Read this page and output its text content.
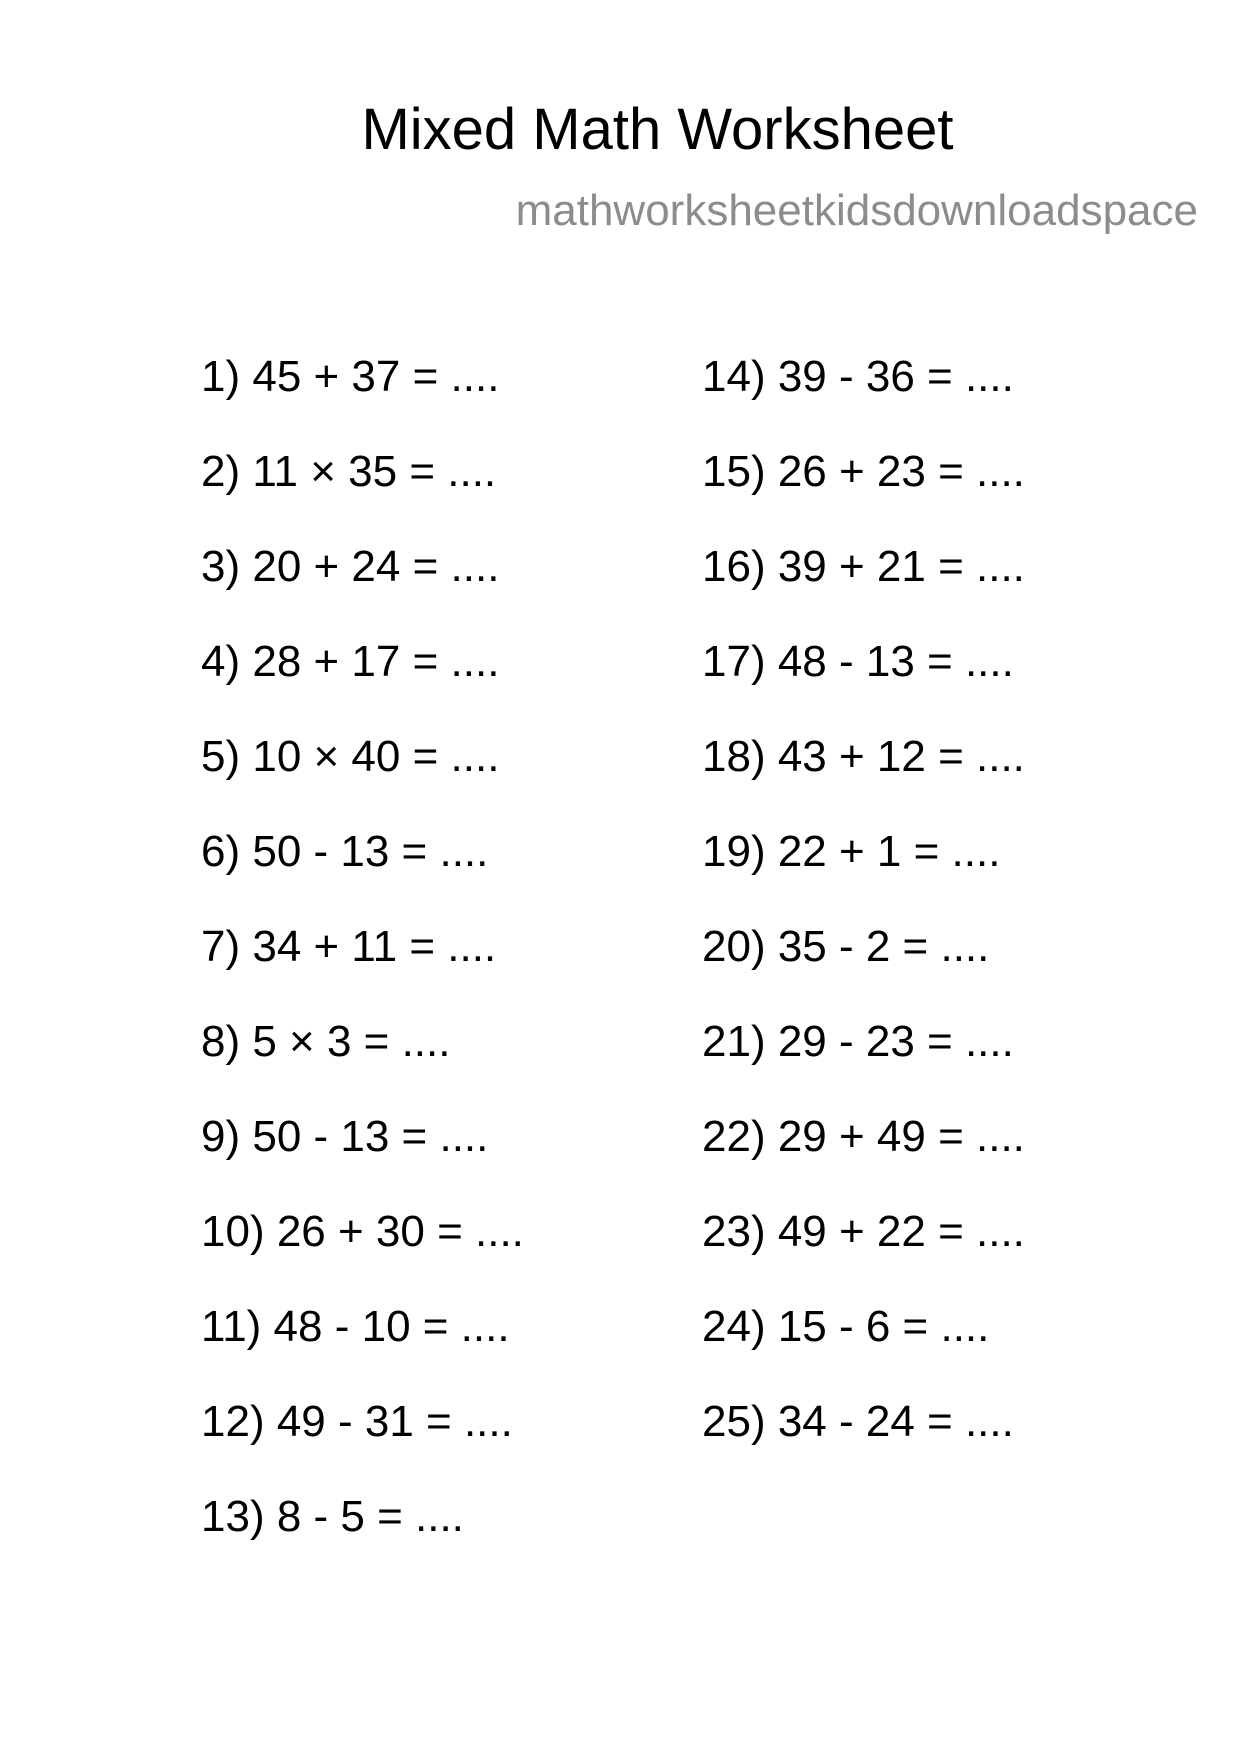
Mixed Math Worksheet
mathworksheetkidsdownloadspace
1) 45 + 37 = ....
2) 11 × 35 = ....
3) 20 + 24 = ....
4) 28 + 17 = ....
5) 10 × 40 = ....
6) 50 - 13 = ....
7) 34 + 11 = ....
8) 5 × 3 = ....
9) 50 - 13 = ....
10) 26 + 30 = ....
11) 48 - 10 = ....
12) 49 - 31 = ....
13) 8 - 5 = ....
14) 39 - 36 = ....
15) 26 + 23 = ....
16) 39 + 21 = ....
17) 48 - 13 = ....
18) 43 + 12 = ....
19) 22 + 1 = ....
20) 35 - 2 = ....
21) 29 - 23 = ....
22) 29 + 49 = ....
23) 49 + 22 = ....
24) 15 - 6 = ....
25) 34 - 24 = ....
